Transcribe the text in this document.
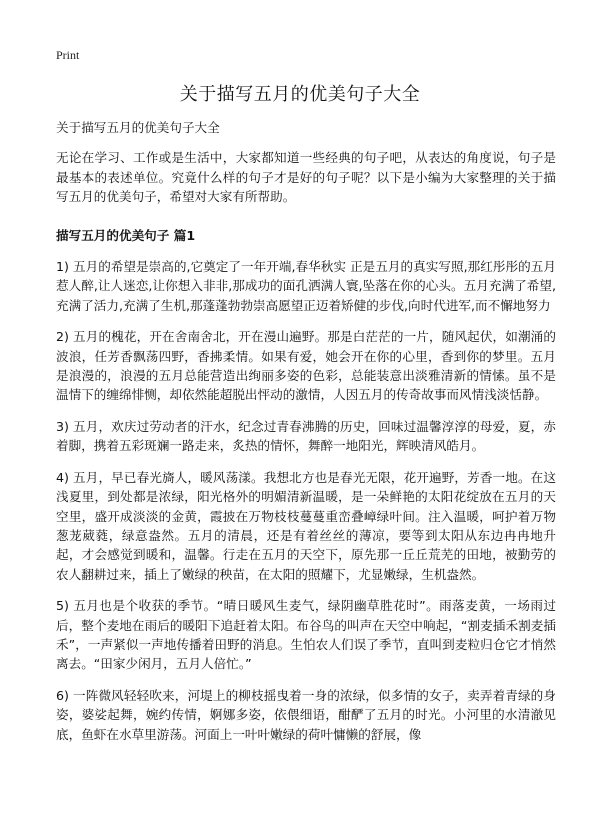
Print
关于描写五月的优美句子大全

关于描写五月的优美句子大全

无论在学习、工作或是生活中，大家都知道一些经典的句子吧，从表达的角度说，句子是最基本的表述单位。究竟什么样的句子才是好的句子呢？以下是小编为大家整理的关于描写五月的优美句子，希望对大家有所帮助。

描写五月的优美句子 篇1

1) 五月的希望是崇高的,它奠定了一年开端,春华秋实 正是五月的真实写照,那红彤彤的五月惹人醉,让人迷恋,让你想入非非,那成功的面孔洒满人寰,坠落在你的心头。五月充满了希望,充满了活力,充满了生机,那蓬蓬勃勃崇高愿望正迈着矫健的步伐,向时代进军,而不懈地努力

2) 五月的槐花，开在舍南舍北，开在漫山遍野。那是白茫茫的一片，随风起伏，如潮涌的波浪，任芳香飘荡四野，香拂柔情。如果有爱，她会开在你的心里，香到你的梦里。五月是浪漫的，浪漫的五月总能营造出绚丽多姿的色彩，总能装意出淡雅清新的情愫。虽不是温情下的缠绵悱恻，却依然能超脱出怦动的激情，人因五月的传奇故事而风情浅淡恬静。

3) 五月，欢庆过劳动者的汗水，纪念过青春沸腾的历史，回味过温馨淳淳的母爱，夏，赤着脚，携着五彩斑斓一路走来，炙热的情怀，舞醉一地阳光，辉映清风皓月。

4) 五月，早已春光旖人，暖风荡漾。我想北方也是春光无限，花开遍野，芳香一地。在这浅夏里，到处都是浓绿，阳光格外的明媚清新温暖，是一朵鲜艳的太阳花绽放在五月的天空里，盛开成淡淡的金黄，霞披在万物枝枝蔓蔓重峦叠嶂绿叶间。注入温暖，呵护着万物葱茏葳蕤，绿意盎然。五月的清晨，还是有着丝丝的薄凉，要等到太阳从东边冉冉地升起，才会感觉到暖和，温馨。行走在五月的天空下，原先那一丘丘荒芜的田地，被勤劳的农人翻耕过来，插上了嫩绿的秧苗，在太阳的照耀下，尤显嫩绿，生机盎然。

5) 五月也是个收获的季节。“晴日暖风生麦气，绿阴幽草胜花时”。雨落麦黄，一场雨过后，整个麦地在雨后的暖阳下追赶着太阳。布谷鸟的叫声在天空中响起，“割麦插禾割麦插禾”，一声紧似一声地传播着田野的消息。生怕农人们误了季节，直叫到麦粒归仓它才悄然离去。“田家少闲月，五月人倍忙。”

6) 一阵微风轻轻吹来，河堤上的柳枝摇曳着一身的浓绿，似多情的女子，卖弄着青绿的身姿，婆娑起舞，婉约传情，婀娜多姿，依偎细语，酣酽了五月的时光。小河里的水清澈见底，鱼虾在水草里游荡。河面上一叶叶嫩绿的荷叶慵懒的舒展，像
